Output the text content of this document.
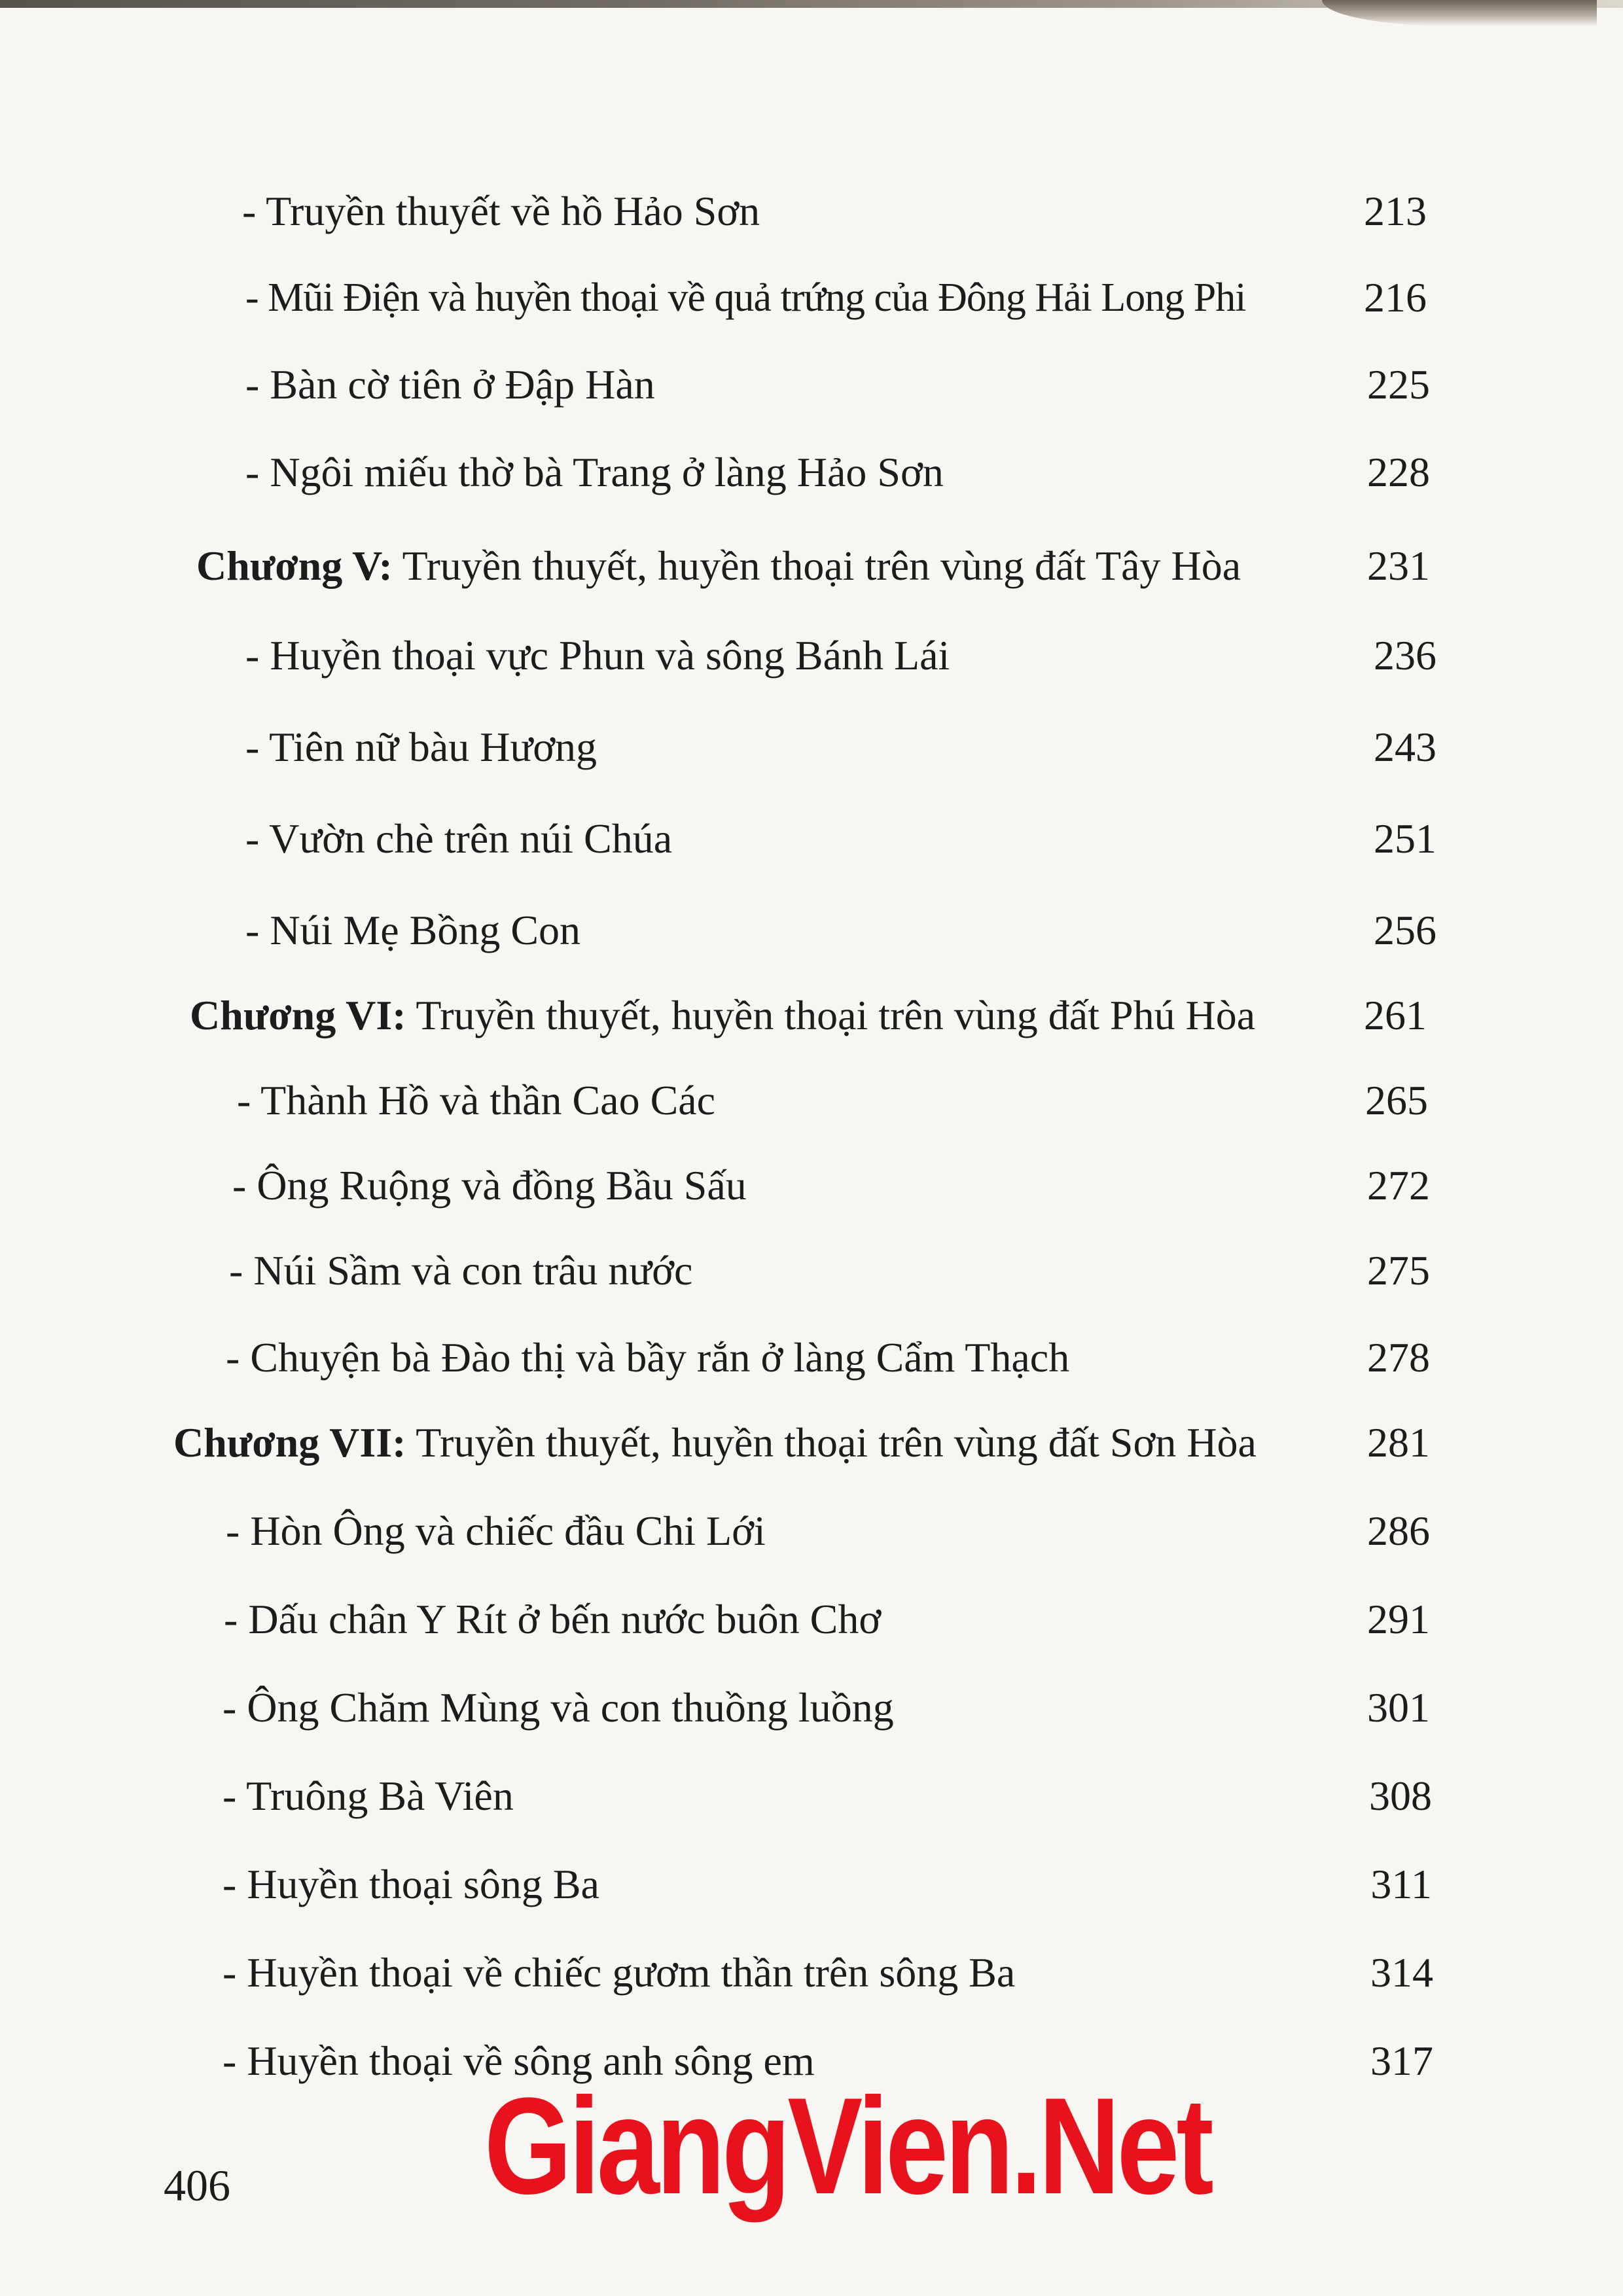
- Truyền thuyết về hồ Hảo Sơn	213
- Mũi Điện và huyền thoại về quả trứng của Đông Hải Long Phi	216
- Bàn cờ tiên ở Đập Hàn	225
- Ngôi miếu thờ bà Trang ở làng Hảo Sơn	228
Chương V: Truyền thuyết, huyền thoại trên vùng đất Tây Hòa	231
- Huyền thoại vực Phun và sông Bánh Lái	236
- Tiên nữ bàu Hương	243
- Vườn chè trên núi Chúa	251
- Núi Mẹ Bồng Con	256
Chương VI: Truyền thuyết, huyền thoại trên vùng đất Phú Hòa	261
- Thành Hồ và thần Cao Các	265
- Ông Ruộng và đồng Bầu Sấu	272
- Núi Sầm và con trâu nước	275
- Chuyện bà Đào thị và bầy rắn ở làng Cẩm Thạch	278
Chương VII: Truyền thuyết, huyền thoại trên vùng đất Sơn Hòa	281
- Hòn Ông và chiếc đầu Chi Lới	286
- Dấu chân Y Rít ở bến nước buôn Chơ	291
- Ông Chăm Mùng và con thuồng luồng	301
- Truông Bà Viên	308
- Huyền thoại sông Ba	311
- Huyền thoại về chiếc gươm thần trên sông Ba	314
- Huyền thoại về sông anh sông em	317
406 GiangVien.Net
